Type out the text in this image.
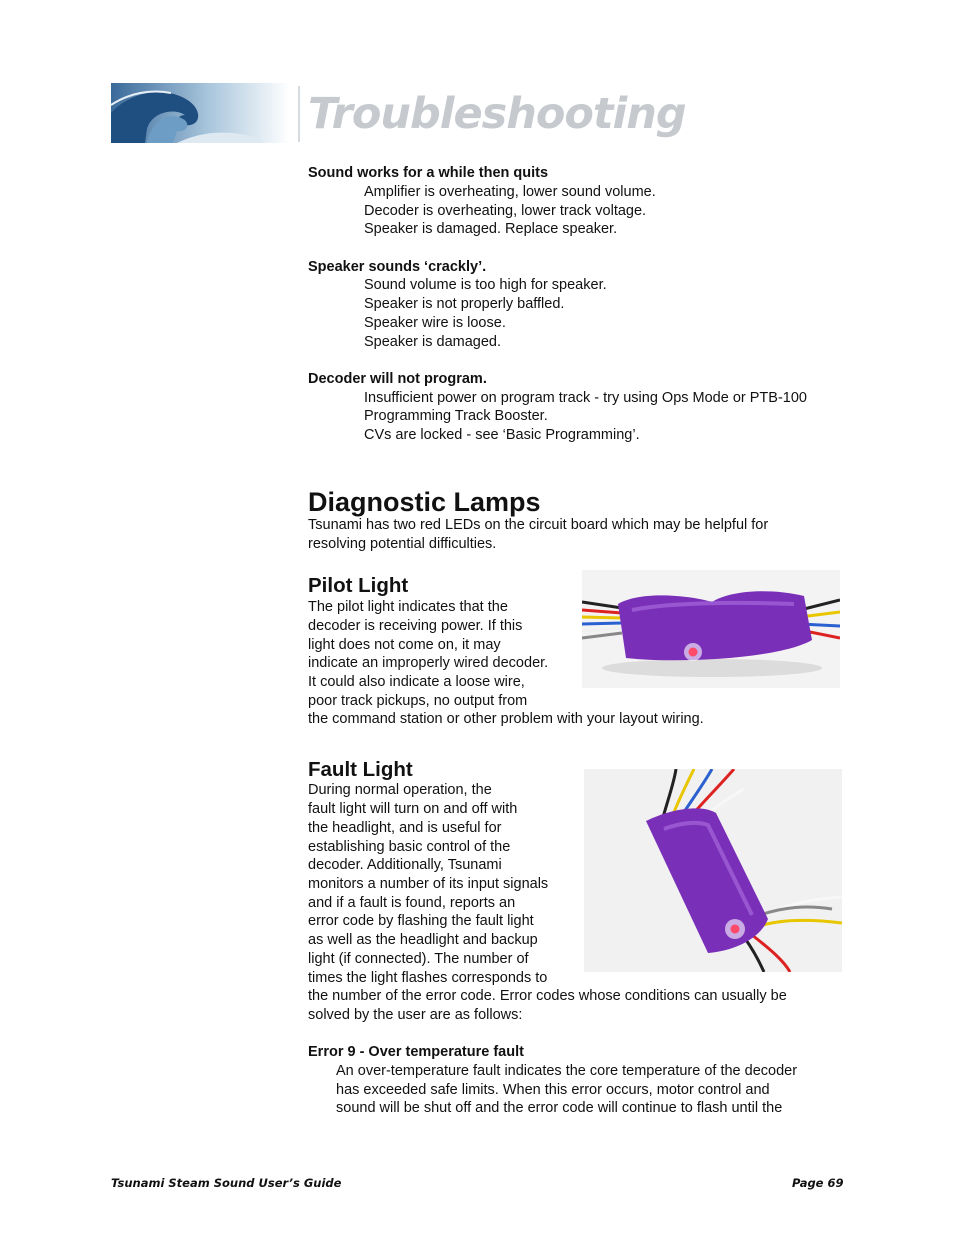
Troubleshooting
Sound works for a while then quits
Amplifier is overheating, lower sound volume.
Decoder is overheating, lower track voltage.
Speaker is damaged. Replace speaker.
Speaker sounds ‘crackly’.
Sound volume is too high for speaker.
Speaker is not properly baffled.
Speaker wire is loose.
Speaker is damaged.
Decoder will not program.
Insufficient power on program track - try using Ops Mode or PTB-100
Programming Track Booster.
CVs are locked - see ‘Basic Programming’.
Diagnostic Lamps
Tsunami has two red LEDs on the circuit board which may be helpful for
resolving potential difficulties.
Pilot Light
The pilot light indicates that the
decoder is receiving power. If this
light does not come on, it may
indicate an improperly wired decoder.
It could also indicate a loose wire,
poor track pickups, no output from
the command station or other problem with your layout wiring.
Fault Light
During normal operation, the
fault light will turn on and off with
the headlight, and is useful for
establishing basic control of the
decoder. Additionally, Tsunami
monitors a number of its input signals
and if a fault is found, reports an
error code by flashing the fault light
as well as the headlight and backup
light (if connected). The number of
times the light flashes corresponds to
the number of the error code. Error codes whose conditions can usually be
solved by the user are as follows:
Error 9 - Over temperature fault
An over-temperature fault indicates the core temperature of the decoder
has exceeded safe limits. When this error occurs, motor control and
sound will be shut off and the error code will continue to flash until the
Tsunami Steam Sound User’s Guide	Page 69
